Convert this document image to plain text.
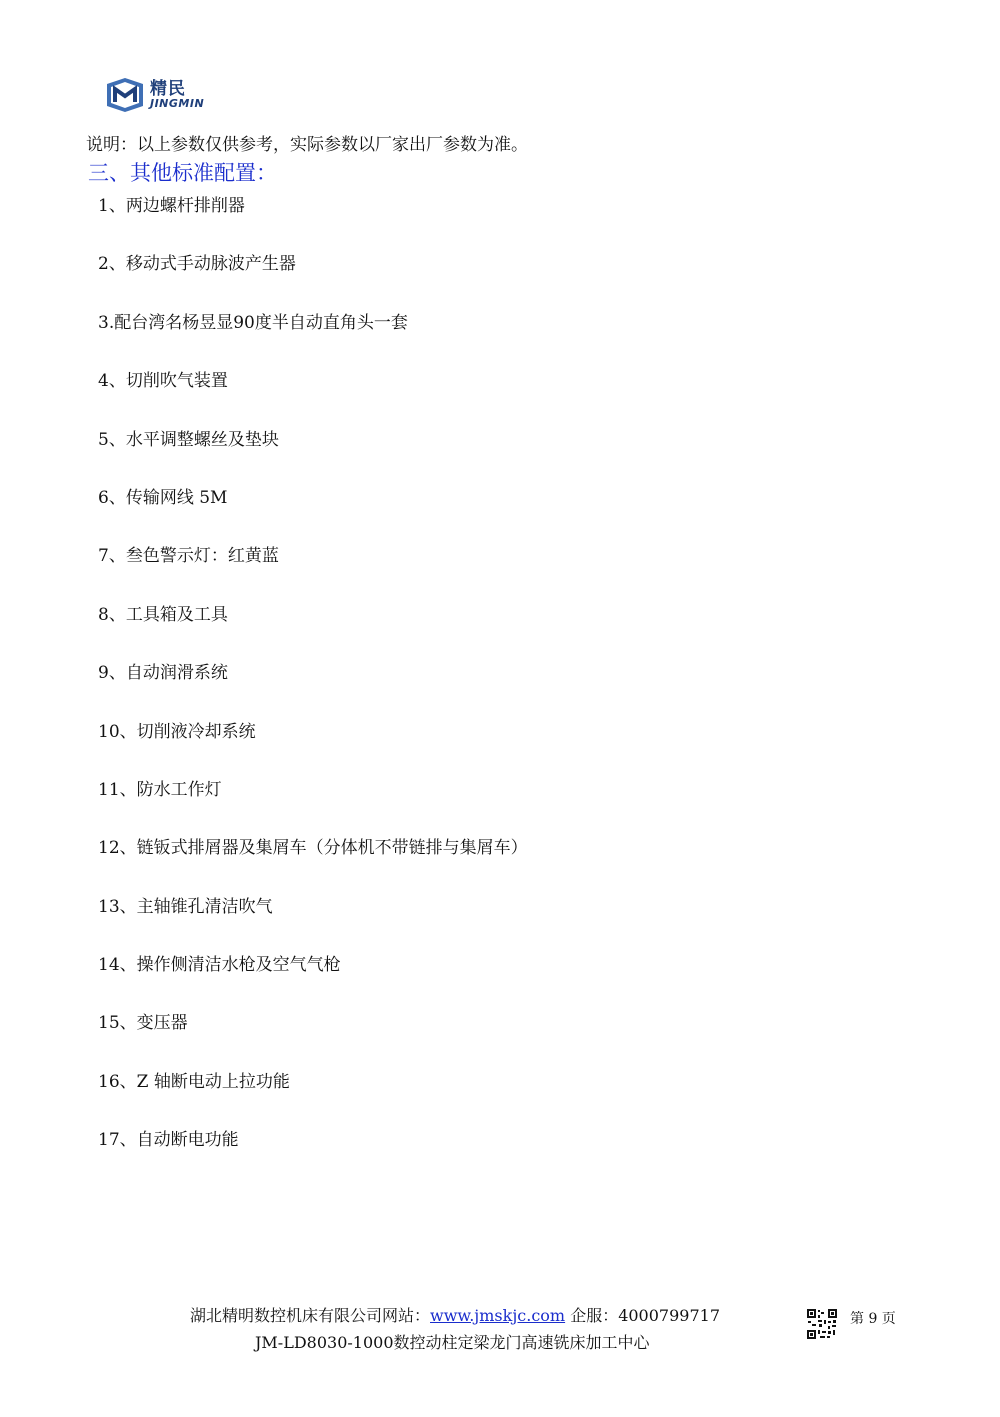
精民
JINGMIN
说明：以上参数仅供参考，实际参数以厂家出厂参数为准。
三、其他标准配置：
1、两边螺杆排削器
2、移动式手动脉波产生器
3.配台湾名杨昱显90度半自动直角头一套
4、切削吹气装置
5、水平调整螺丝及垫块
6、传输网线 5M
7、叁色警示灯：红黄蓝
8、工具箱及工具
9、自动润滑系统
10、切削液冷却系统
11、防水工作灯
12、链钣式排屑器及集屑车（分体机不带链排与集屑车）
13、主轴锥孔清洁吹气
14、操作侧清洁水枪及空气气枪
15、变压器
16、Z 轴断电动上拉功能
17、自动断电功能
湖北精明数控机床有限公司网站：www.jmskjc.com 企服：4000799717
JM-LD8030-1000数控动柱定梁龙门高速铣床加工中心
第 9 页
